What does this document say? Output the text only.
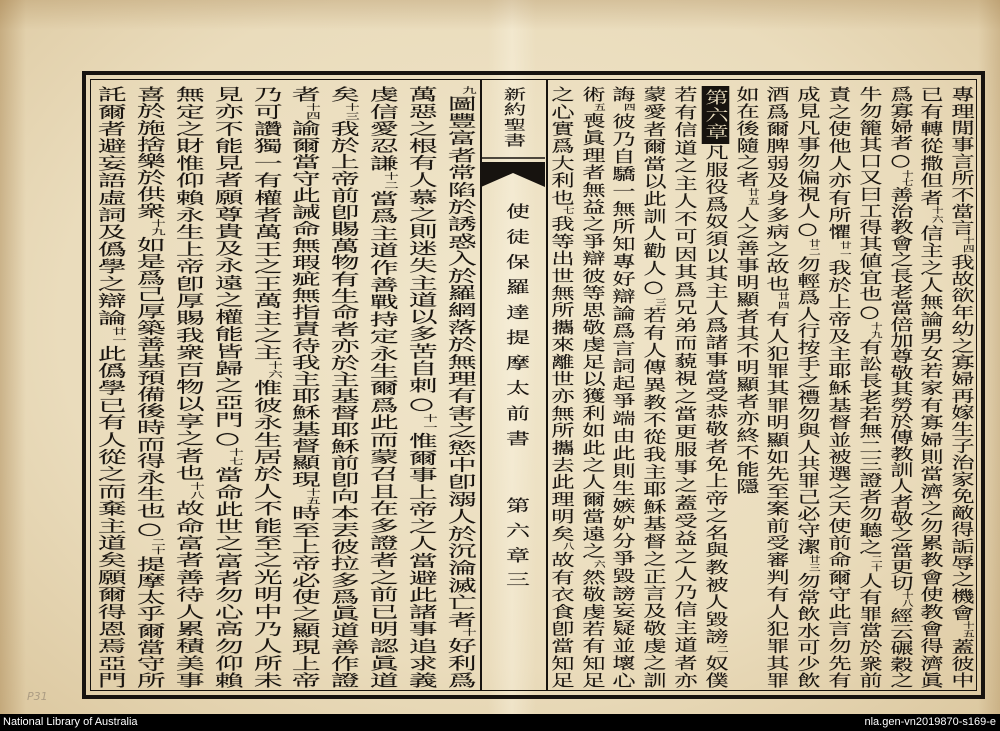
專理閒事言所不當言十四我故欲年幼之寡婦再嫁生子治家免敵得詬辱之機會十五蓋彼中
已有轉從撒但者十六信主之人無論男女若家有寡婦則當濟之勿累教會使教會得濟眞
爲寡婦者○十七善治教會之長老當倍加尊敬其勞於傳教訓人者敬之當更切十八經云碾穀之
牛勿籠其口又曰工得其値宜也○十九有訟長老若無二三證者勿聽之二十人有罪當於衆前
責之使他人亦有所懼廿一我於上帝及主耶穌基督並被選之天使前命爾守此言勿先有
成見凡事勿偏視人○廿二勿輕爲人行按手之禮勿與人共罪己必守潔廿三勿常飲水可少飲
酒爲爾脾弱及身多病之故也廿四有人犯罪其罪明顯如先至案前受審判有人犯罪其罪
如在後隨之者廿五人之善事明顯者其不明顯者亦終不能隱
第六章凡服役爲奴須以其主人爲諸事當受恭敬者免上帝之名與教被人毀謗二奴僕
若有信道之主人不可因其爲兄弟而藐視之當更服事之蓋受益之人乃信主道者亦
蒙愛者爾當以此訓人勸人○三若有人傳異教不從我主耶穌基督之正言及敬虔之訓
誨四彼乃自驕一無所知專好辯論爲言詞起爭端由此則生嫉妒分爭毀謗妄疑並壞心
術五喪眞理者無益之爭辯彼等思敬虔足以獲利如此之人爾當遠之六然敬虔若有知足
之心實爲大利也七我等出世無所攜來離世亦無所攜去此理明矣八故有衣食卽當知足
九圖豐富者常陷於誘惑入於羅網落於無理有害之慾中卽溺人於沉淪滅亡者十好利爲
萬惡之根有人慕之則迷失主道以多苦自刺○十一惟爾事上帝之人當避此諸事追求義
虔信愛忍謙十二當爲主道作善戰持定永生爾爲此而蒙召且在多證者之前已明認眞道
矣十三我於上帝前卽賜萬物有生命者亦於主基督耶穌前卽向本丟彼拉多爲眞道善作證
者十四諭爾當守此誡命無瑕疵無指責待我主耶穌基督顯現十五時至上帝必使之顯現上帝
乃可讚獨一有權者萬王之王萬主之主十六惟彼永生居於人不能至之光明中乃人所未
見亦不能見者願尊貴及永遠之權能皆歸之亞門○十七當命此世之富者勿心高勿仰賴
無定之財惟仰賴永生上帝卽厚賜我衆百物以享之者也十八故命富者善待人累積美事
喜於施捨樂於供衆十九如是爲己厚築善基預備後時而得永生也○二十提摩太乎爾當守所
託爾者避妄語虛詞及僞學之辯論廿一此僞學已有人從之而棄主道矣願爾得恩焉亞門
新約聖書
使徒保羅達提摩太前書
第六章
三
P31
National Library of Australia	nla.gen-vn2019870-s169-e
